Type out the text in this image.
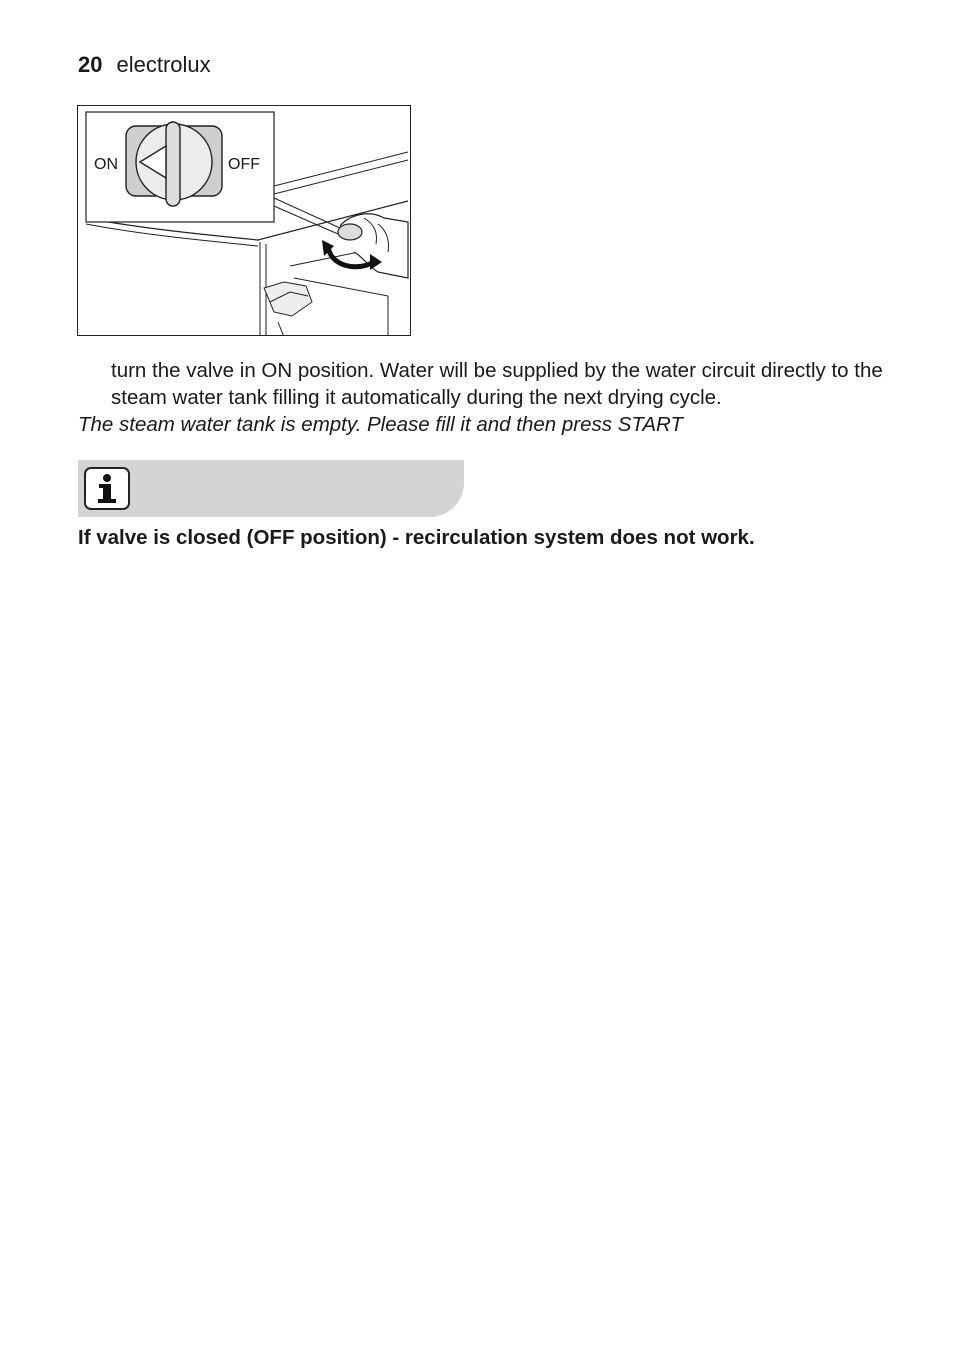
20 electrolux
ON	OFF
turn the valve in ON position. Water will be supplied by the water circuit directly to the steam water tank filling it automatically during the next drying cycle.
The steam water tank is empty. Please fill it and then press START
If valve is closed (OFF position) - recirculation system does not work.
